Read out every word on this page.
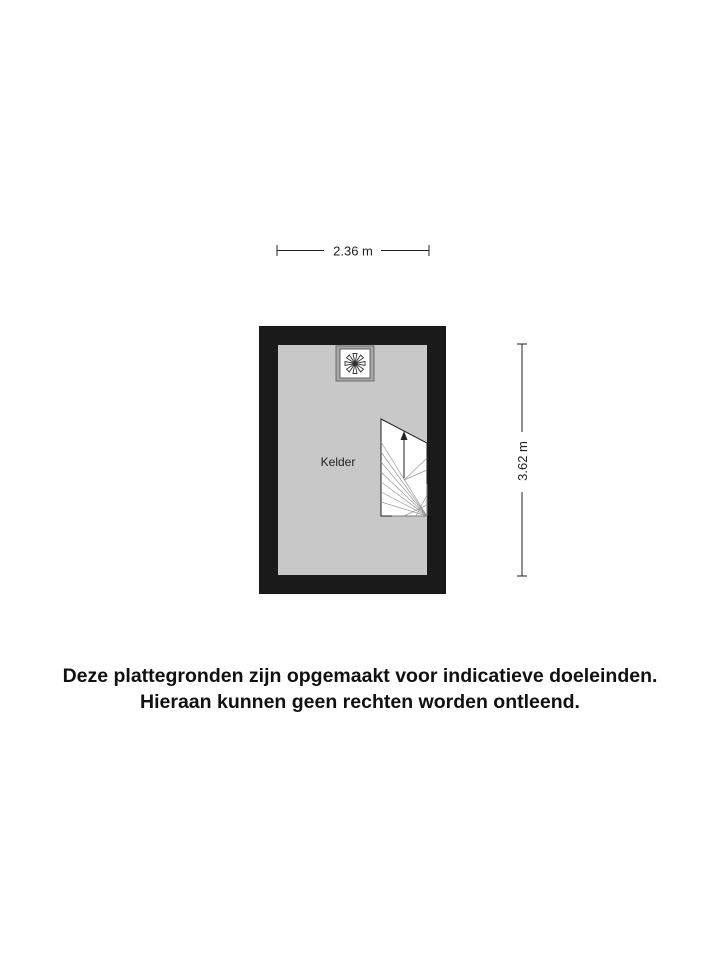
2.36 m
3.62 m
Kelder
Deze plattegronden zijn opgemaakt voor indicatieve doeleinden.
Hieraan kunnen geen rechten worden ontleend.
